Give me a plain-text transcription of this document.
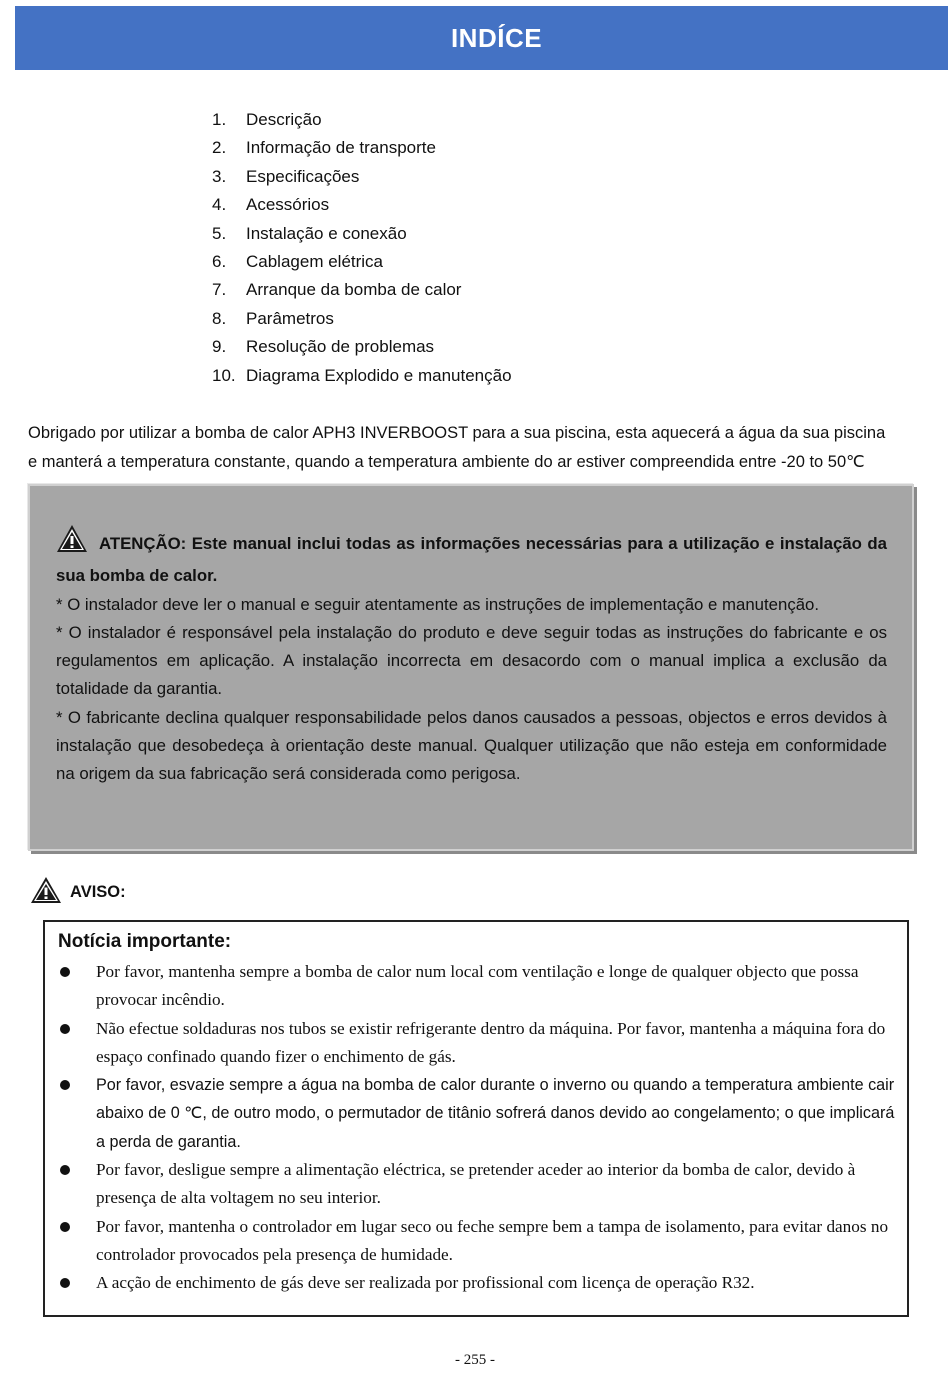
INDÍCE
1. Descrição
2. Informação de transporte
3. Especificações
4. Acessórios
5. Instalação e conexão
6. Cablagem elétrica
7. Arranque da bomba de calor
8. Parâmetros
9. Resolução de problemas
10. Diagrama Explodido e manutenção

Obrigado por utilizar a bomba de calor APH3 INVERBOOST para a sua piscina, esta aquecerá a água da sua piscina

e manterá a temperatura constante, quando a temperatura ambiente do ar estiver compreendida entre -20 to 50℃

ATENÇÃO: Este manual inclui todas as informações necessárias para a utilização e instalação da sua bomba de calor.

* O instalador deve ler o manual e seguir atentamente as instruções de implementação e manutenção.

* O instalador é responsável pela instalação do produto e deve seguir todas as instruções do fabricante e os regulamentos em aplicação. A instalação incorrecta em desacordo com o manual implica a exclusão da totalidade da garantia.

* O fabricante declina qualquer responsabilidade pelos danos causados a pessoas, objectos e erros devidos à instalação que desobedeça à orientação deste manual. Qualquer utilização que não esteja em conformidade na origem da sua fabricação será considerada como perigosa.

AVISO:
Notícia importante:
Por favor, mantenha sempre a bomba de calor num local com ventilação e longe de qualquer objecto que possa provocar incêndio.
Não efectue soldaduras nos tubos se existir refrigerante dentro da máquina. Por favor, mantenha a máquina fora do espaço confinado quando fizer o enchimento de gás.
Por favor, esvazie sempre a água na bomba de calor durante o inverno ou quando a temperatura ambiente cair abaixo de 0 ℃, de outro modo, o permutador de titânio sofrerá danos devido ao congelamento; o que implicará a perda de garantia.
Por favor, desligue sempre a alimentação eléctrica, se pretender aceder ao interior da bomba de calor, devido à presença de alta voltagem no seu interior.
Por favor, mantenha o controlador em lugar seco ou feche sempre bem a tampa de isolamento, para evitar danos no controlador provocados pela presença de humidade.
A acção de enchimento de gás deve ser realizada por profissional com licença de operação R32.
- 255 -
